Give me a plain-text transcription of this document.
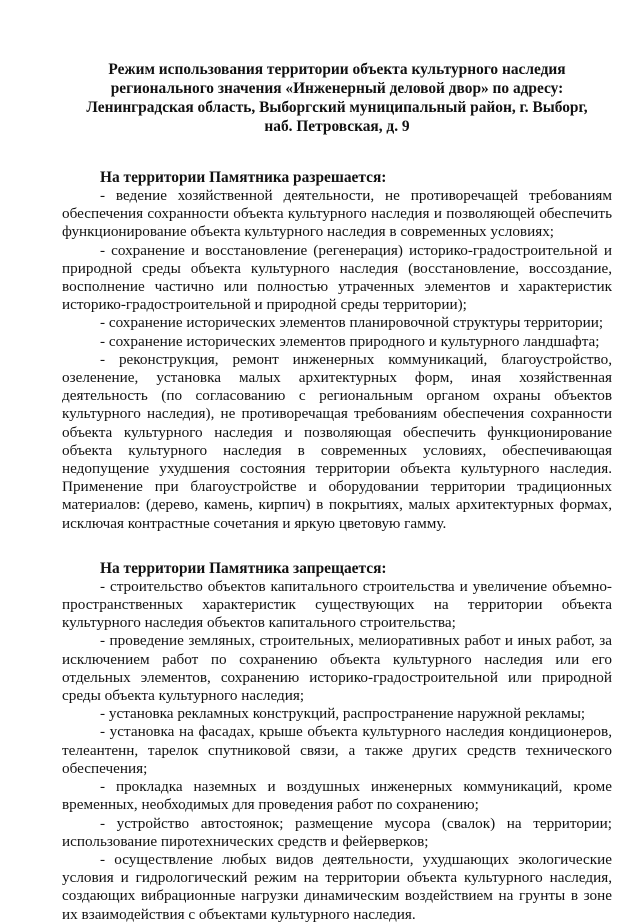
Режим использования территории объекта культурного наследия
регионального значения «Инженерный деловой двор» по адресу:
Ленинградская область, Выборгский муниципальный район, г. Выборг,
наб. Петровская, д. 9

На территории Памятника разрешается:

- ведение хозяйственной деятельности, не противоречащей требованиям обеспечения сохранности объекта культурного наследия и позволяющей обеспечить функционирование объекта культурного наследия в современных условиях;

- сохранение и восстановление (регенерация) историко-градостроительной и природной среды объекта культурного наследия (восстановление, воссоздание, восполнение частично или полностью утраченных элементов и характеристик историко-градостроительной и природной среды территории);

- сохранение исторических элементов планировочной структуры территории;

- сохранение исторических элементов природного и культурного ландшафта;

- реконструкция, ремонт инженерных коммуникаций, благоустройство, озеленение, установка малых архитектурных форм, иная хозяйственная деятельность (по согласованию с региональным органом охраны объектов культурного наследия), не противоречащая требованиям обеспечения сохранности объекта культурного наследия и позволяющая обеспечить функционирование объекта культурного наследия в современных условиях, обеспечивающая недопущение ухудшения состояния территории объекта культурного наследия. Применение при благоустройстве и оборудовании территории традиционных материалов: (дерево, камень, кирпич) в покрытиях, малых архитектурных формах, исключая контрастные сочетания и яркую цветовую гамму.

На территории Памятника запрещается:

- строительство объектов капитального строительства и увеличение объемно-пространственных характеристик существующих на территории объекта культурного наследия объектов капитального строительства;

- проведение земляных, строительных, мелиоративных работ и иных работ, за исключением работ по сохранению объекта культурного наследия или его отдельных элементов, сохранению историко-градостроительной или природной среды объекта культурного наследия;

- установка рекламных конструкций, распространение наружной рекламы;

- установка на фасадах, крыше объекта культурного наследия кондиционеров, телеантенн, тарелок спутниковой связи, а также других средств технического обеспечения;

- прокладка наземных и воздушных инженерных коммуникаций, кроме временных, необходимых для проведения работ по сохранению;

- устройство автостоянок; размещение мусора (свалок) на территории; использование пиротехнических средств и фейерверков;

- осуществление любых видов деятельности, ухудшающих экологические условия и гидрологический режим на территории объекта культурного наследия, создающих вибрационные нагрузки динамическим воздействием на грунты в зоне их взаимодействия с объектами культурного наследия.
